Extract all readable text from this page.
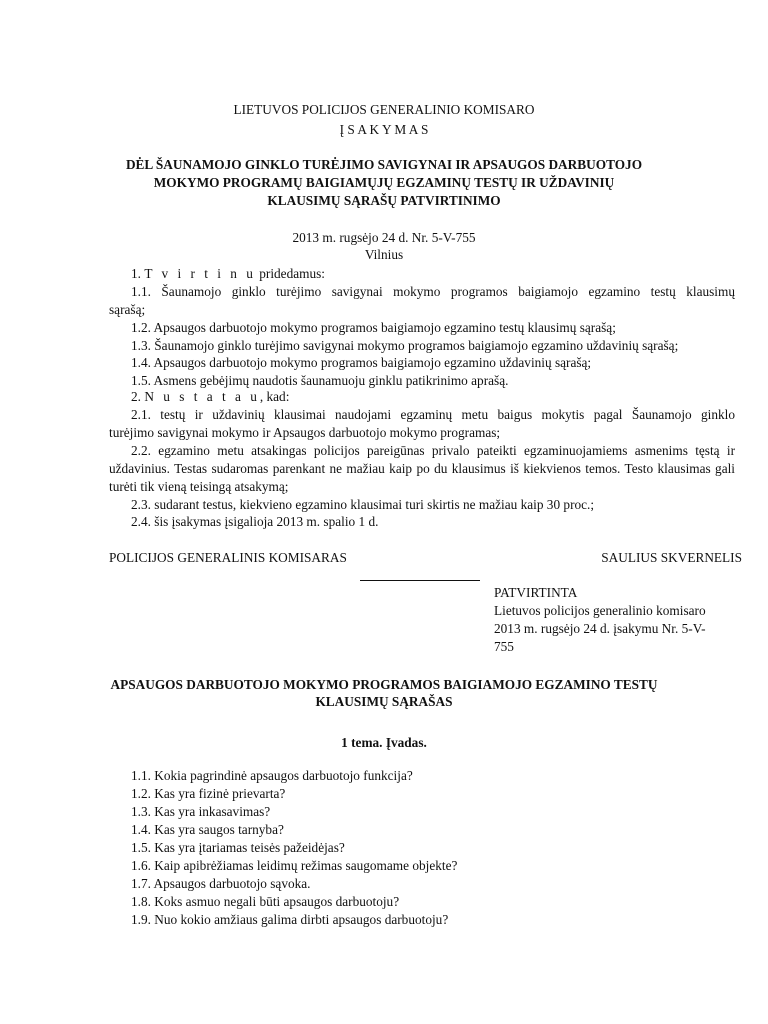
LIETUVOS POLICIJOS GENERALINIO KOMISARO
Į S A K Y M A S
DĖL ŠAUNAMOJO GINKLO TURĖJIMO SAVIGYNAI IR APSAUGOS DARBUOTOJO
MOKYMO PROGRAMŲ BAIGIAMŲJŲ EGZAMINŲ TESTŲ IR UŽDAVINIŲ
KLAUSIMŲ SĄRAŠŲ PATVIRTINIMO
2013 m. rugsėjo 24 d. Nr. 5-V-755
Vilnius
1. T v i r t i n u pridedamus:
1.1. Šaunamojo ginklo turėjimo savigynai mokymo programos baigiamojo egzamino testų klausimų
sąrašą;
1.2. Apsaugos darbuotojo mokymo programos baigiamojo egzamino testų klausimų sąrašą;
1.3. Šaunamojo ginklo turėjimo savigynai mokymo programos baigiamojo egzamino uždavinių sąrašą;
1.4. Apsaugos darbuotojo mokymo programos baigiamojo egzamino uždavinių sąrašą;
1.5. Asmens gebėjimų naudotis šaunamuoju ginklu patikrinimo aprašą.
2. N u s t a t a u, kad:
2.1. testų ir uždavinių klausimai naudojami egzaminų metu baigus mokytis pagal Šaunamojo ginklo
turėjimo savigynai mokymo ir Apsaugos darbuotojo mokymo programas;
2.2. egzamino metu atsakingas policijos pareigūnas privalo pateikti egzaminuojamiems asmenims tęstą ir
uždavinius. Testas sudaromas parenkant ne mažiau kaip po du klausimus iš kiekvienos temos. Testo klausimas gali
turėti tik vieną teisingą atsakymą;
2.3. sudarant testus, kiekvieno egzamino klausimai turi skirtis ne mažiau kaip 30 proc.;
2.4. šis įsakymas įsigalioja 2013 m. spalio 1 d.
POLICIJOS GENERALINIS KOMISARAS	SAULIUS SKVERNELIS
PATVIRTINTA
Lietuvos policijos generalinio komisaro
2013 m. rugsėjo 24 d. įsakymu Nr. 5-V-
755
APSAUGOS DARBUOTOJO MOKYMO PROGRAMOS BAIGIAMOJO EGZAMINO TESTŲ
KLAUSIMŲ SĄRAŠAS
1 tema. Įvadas.
1.1. Kokia pagrindinė apsaugos darbuotojo funkcija?
1.2. Kas yra fizinė prievarta?
1.3. Kas yra inkasavimas?
1.4. Kas yra saugos tarnyba?
1.5. Kas yra įtariamas teisės pažeidėjas?
1.6. Kaip apibrėžiamas leidimų režimas saugomame objekte?
1.7. Apsaugos darbuotojo sąvoka.
1.8. Koks asmuo negali būti apsaugos darbuotoju?
1.9. Nuo kokio amžiaus galima dirbti apsaugos darbuotoju?
